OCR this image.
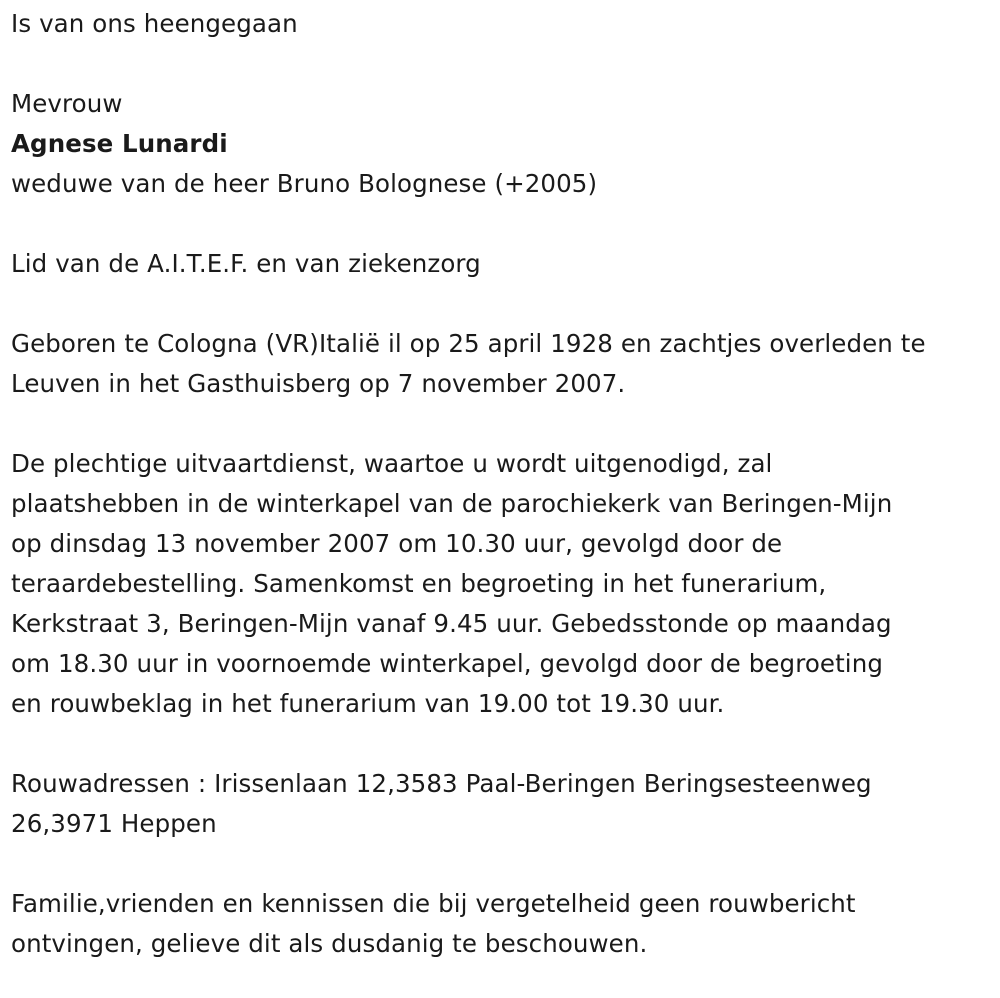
Is van ons heengegaan
Mevrouw
Agnese Lunardi
weduwe van de heer Bruno Bolognese (+2005)
Lid van de A.I.T.E.F. en van ziekenzorg
Geboren te Cologna (VR)Italië il op 25 april 1928 en zachtjes overleden te
Leuven in het Gasthuisberg op 7 november 2007.
De plechtige uitvaartdienst, waartoe u wordt uitgenodigd, zal
plaatshebben in de winterkapel van de parochiekerk van Beringen-Mijn
op dinsdag 13 november 2007 om 10.30 uur, gevolgd door de
teraardebestelling. Samenkomst en begroeting in het funerarium,
Kerkstraat 3, Beringen-Mijn vanaf 9.45 uur. Gebedsstonde op maandag
om 18.30 uur in voornoemde winterkapel, gevolgd door de begroeting
en rouwbeklag in het funerarium van 19.00 tot 19.30 uur.
Rouwadressen : Irissenlaan 12,3583 Paal-Beringen Beringsesteenweg
26,3971 Heppen
Familie,vrienden en kennissen die bij vergetelheid geen rouwbericht
ontvingen, gelieve dit als dusdanig te beschouwen.
